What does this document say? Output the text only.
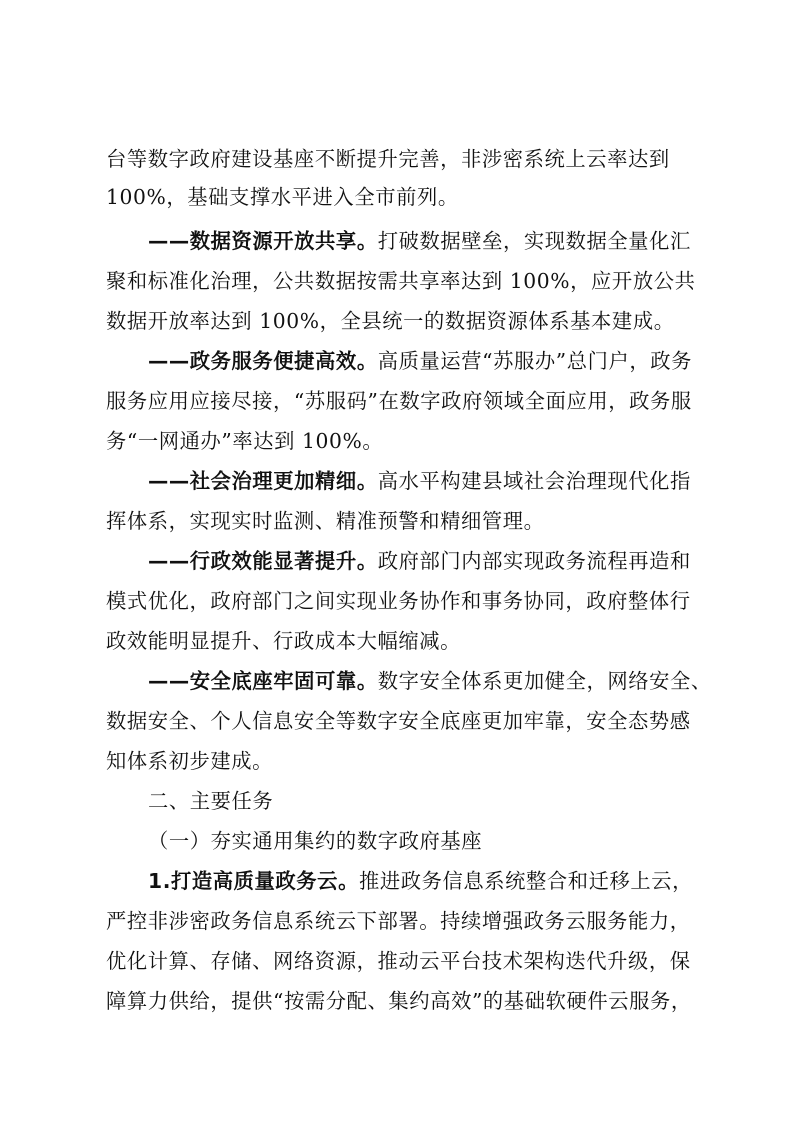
台等数字政府建设基座不断提升完善，非涉密系统上云率达到
100%，基础支撑水平进入全市前列。
——数据资源开放共享。打破数据壁垒，实现数据全量化汇
聚和标准化治理，公共数据按需共享率达到 100%，应开放公共
数据开放率达到 100%，全县统一的数据资源体系基本建成。
——政务服务便捷高效。高质量运营“苏服办”总门户，政务
服务应用应接尽接，“苏服码”在数字政府领域全面应用，政务服
务“一网通办”率达到 100%。
——社会治理更加精细。高水平构建县域社会治理现代化指
挥体系，实现实时监测、精准预警和精细管理。
——行政效能显著提升。政府部门内部实现政务流程再造和
模式优化，政府部门之间实现业务协作和事务协同，政府整体行
政效能明显提升、行政成本大幅缩减。
——安全底座牢固可靠。数字安全体系更加健全，网络安全、
数据安全、个人信息安全等数字安全底座更加牢靠，安全态势感
知体系初步建成。
二、主要任务
（一）夯实通用集约的数字政府基座
1.打造高质量政务云。推进政务信息系统整合和迁移上云，
严控非涉密政务信息系统云下部署。持续增强政务云服务能力，
优化计算、存储、网络资源，推动云平台技术架构迭代升级，保
障算力供给，提供“按需分配、集约高效”的基础软硬件云服务，
